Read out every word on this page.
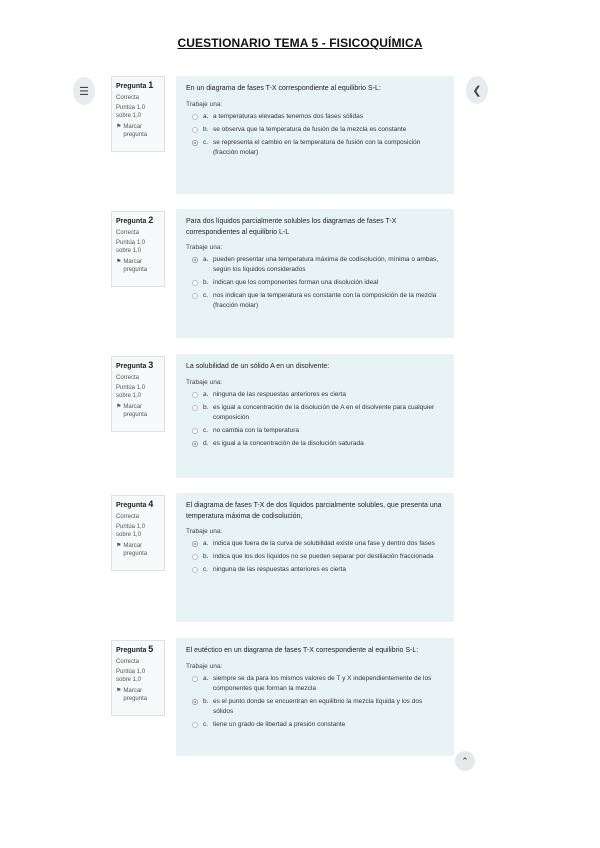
CUESTIONARIO TEMA 5 - FISICOQUÍMICA
☰	❮
⌃
Pregunta 1
Correcta
Puntúa 1,0 sobre 1,0
⚑ Marcar pregunta
En un diagrama de fases T-X correspondiente al equilibrio S-L:
Trabaje una:
a. a temperaturas elevadas tenemos dos fases sólidas
b. se observa que la temperatura de fusión de la mezcla es constante
c. se representa el cambio en la temperatura de fusión con la composición (fracción molar)
Pregunta 2
Correcta
Puntúa 1,0 sobre 1,0
⚑ Marcar pregunta
Para dos líquidos parcialmente solubles los diagramas de fases T-X correspondientes al equilibrio L-L
Trabaje una:
a. pueden presentar una temperatura máxima de codisolución, mínima o ambas, según los líquidos considerados
b. indican que los componentes forman una disolución ideal
c. nos indican que la temperatura es constante con la composición de la mezcla (fracción molar)
Pregunta 3
Correcta
Puntúa 1,0 sobre 1,0
⚑ Marcar pregunta
La solubilidad de un sólido A en un disolvente:
Trabaje una:
a. ninguna de las respuestas anteriores es cierta
b. es igual a concentración de la disolución de A en el disolvente para cualquier composición
c. no cambia con la temperatura
d. es igual a la concentración de la disolución saturada
Pregunta 4
Correcta
Puntúa 1,0 sobre 1,0
⚑ Marcar pregunta
El diagrama de fases T-X de dos líquidos parcialmente solubles, que presenta una temperatura máxima de codisolución,
Trabaje una:
a. indica que fuera de la curva de solubilidad existe una fase y dentro dos fases
b. indica que los dos líquidos no se pueden separar por destilación fraccionada
c. ninguna de las respuestas anteriores es cierta
Pregunta 5
Correcta
Puntúa 1,0 sobre 1,0
⚑ Marcar pregunta
El eutéctico en un diagrama de fases T-X correspondiente al equilibrio S-L:
Trabaje una:
a. siempre se da para los mismos valores de T y X independientemente de los componentes que forman la mezcla
b. es el punto donde se encuentran en equilibrio la mezcla líquida y los dos sólidos
c. tiene un grado de libertad a presión constante
